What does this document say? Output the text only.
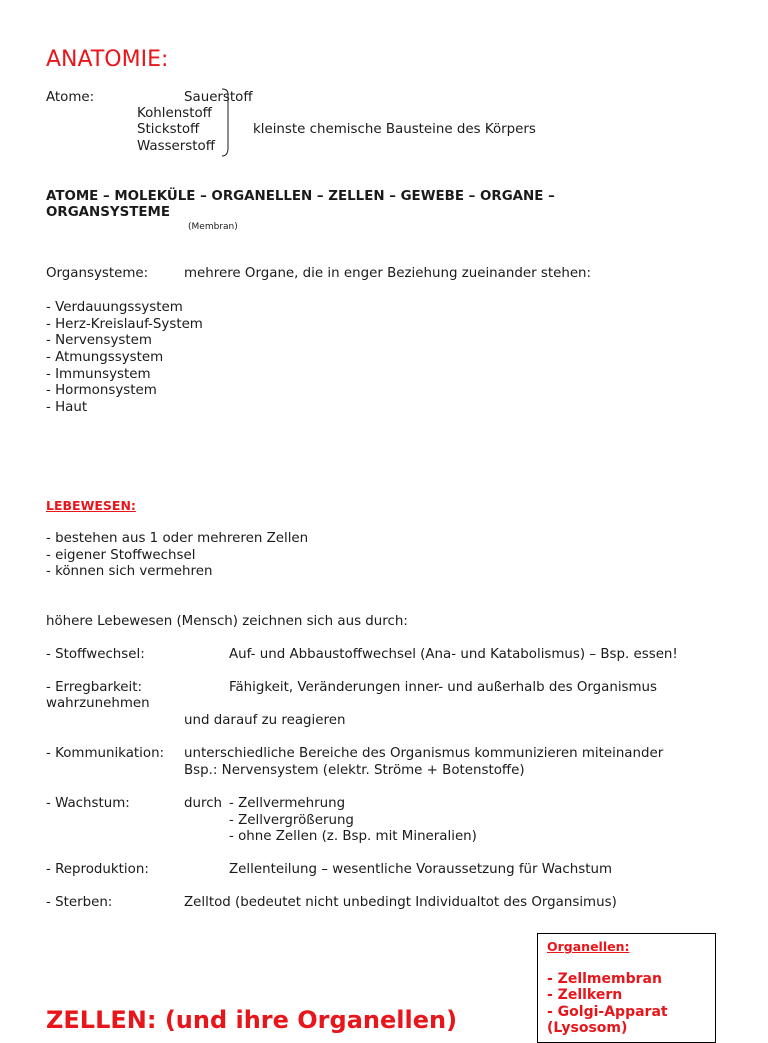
ANATOMIE:
Atome:	Sauerstoff
Kohlenstoff
Stickstoff
Wasserstoff
kleinste chemische Bausteine des Körpers
ATOME – MOLEKÜLE – ORGANELLEN – ZELLEN – GEWEBE – ORGANE –
ORGANSYSTEME
(Membran)
Organsysteme:	mehrere Organe, die in enger Beziehung zueinander stehen:
- Verdauungssystem
- Herz-Kreislauf-System
- Nervensystem
- Atmungssystem
- Immunsystem
- Hormonsystem
- Haut
LEBEWESEN:
- bestehen aus 1 oder mehreren Zellen
- eigener Stoffwechsel
- können sich vermehren
höhere Lebewesen (Mensch) zeichnen sich aus durch:
- Stoffwechsel:	Auf- und Abbaustoffwechsel (Ana- und Katabolismus) – Bsp. essen!
- Erregbarkeit:	Fähigkeit, Veränderungen inner- und außerhalb des Organismus
wahrzunehmen
und darauf zu reagieren
- Kommunikation: unterschiedliche Bereiche des Organismus kommunizieren miteinander
Bsp.: Nervensystem (elektr. Ströme + Botenstoffe)
- Wachstum:	durch - Zellvermehrung
- Zellvergrößerung
- ohne Zellen (z. Bsp. mit Mineralien)
- Reproduktion:	Zellenteilung – wesentliche Voraussetzung für Wachstum
- Sterben:	Zelltod (bedeutet nicht unbedingt Individualtot des Organsimus)
Organellen:
- Zellmembran
- Zellkern
- Golgi-Apparat
(Lysosom)
ZELLEN: (und ihre Organellen)
